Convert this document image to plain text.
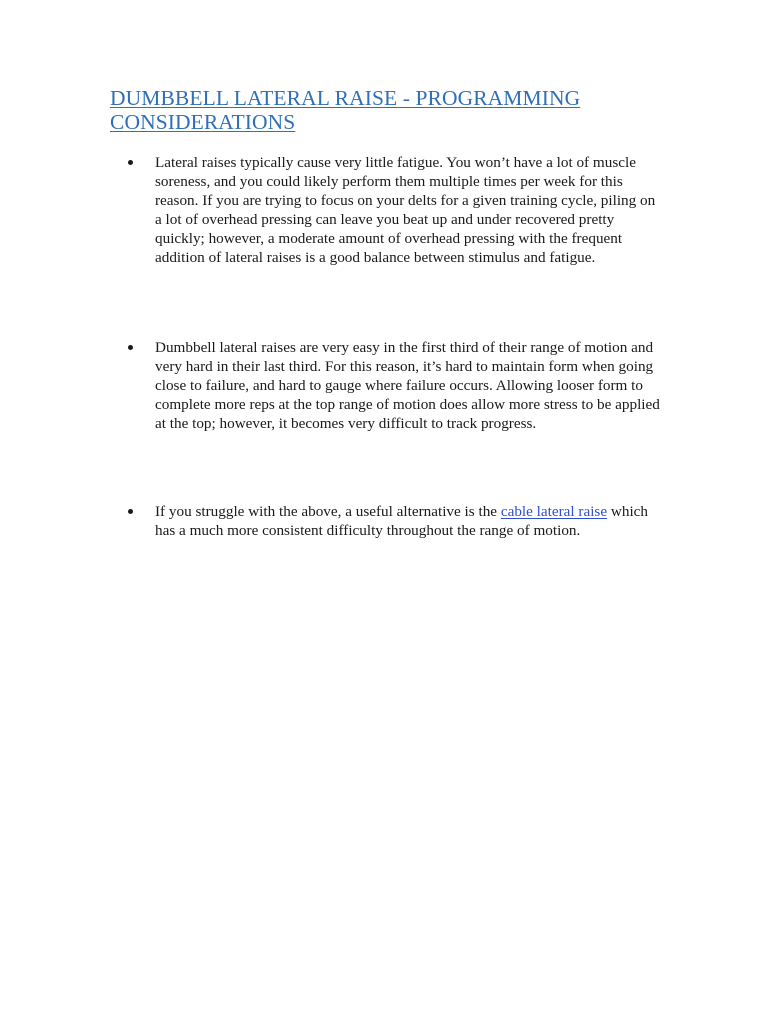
DUMBBELL LATERAL RAISE - PROGRAMMING CONSIDERATIONS

Lateral raises typically cause very little fatigue. You won’t have a lot of muscle soreness, and you could likely perform them multiple times per week for this reason. If you are trying to focus on your delts for a given training cycle, piling on a lot of overhead pressing can leave you beat up and under recovered pretty quickly; however, a moderate amount of overhead pressing with the frequent addition of lateral raises is a good balance between stimulus and fatigue.

Dumbbell lateral raises are very easy in the first third of their range of motion and very hard in their last third. For this reason, it’s hard to maintain form when going close to failure, and hard to gauge where failure occurs. Allowing looser form to complete more reps at the top range of motion does allow more stress to be applied at the top; however, it becomes very difficult to track progress.

If you struggle with the above, a useful alternative is the cable lateral raise which has a much more consistent difficulty throughout the range of motion.
